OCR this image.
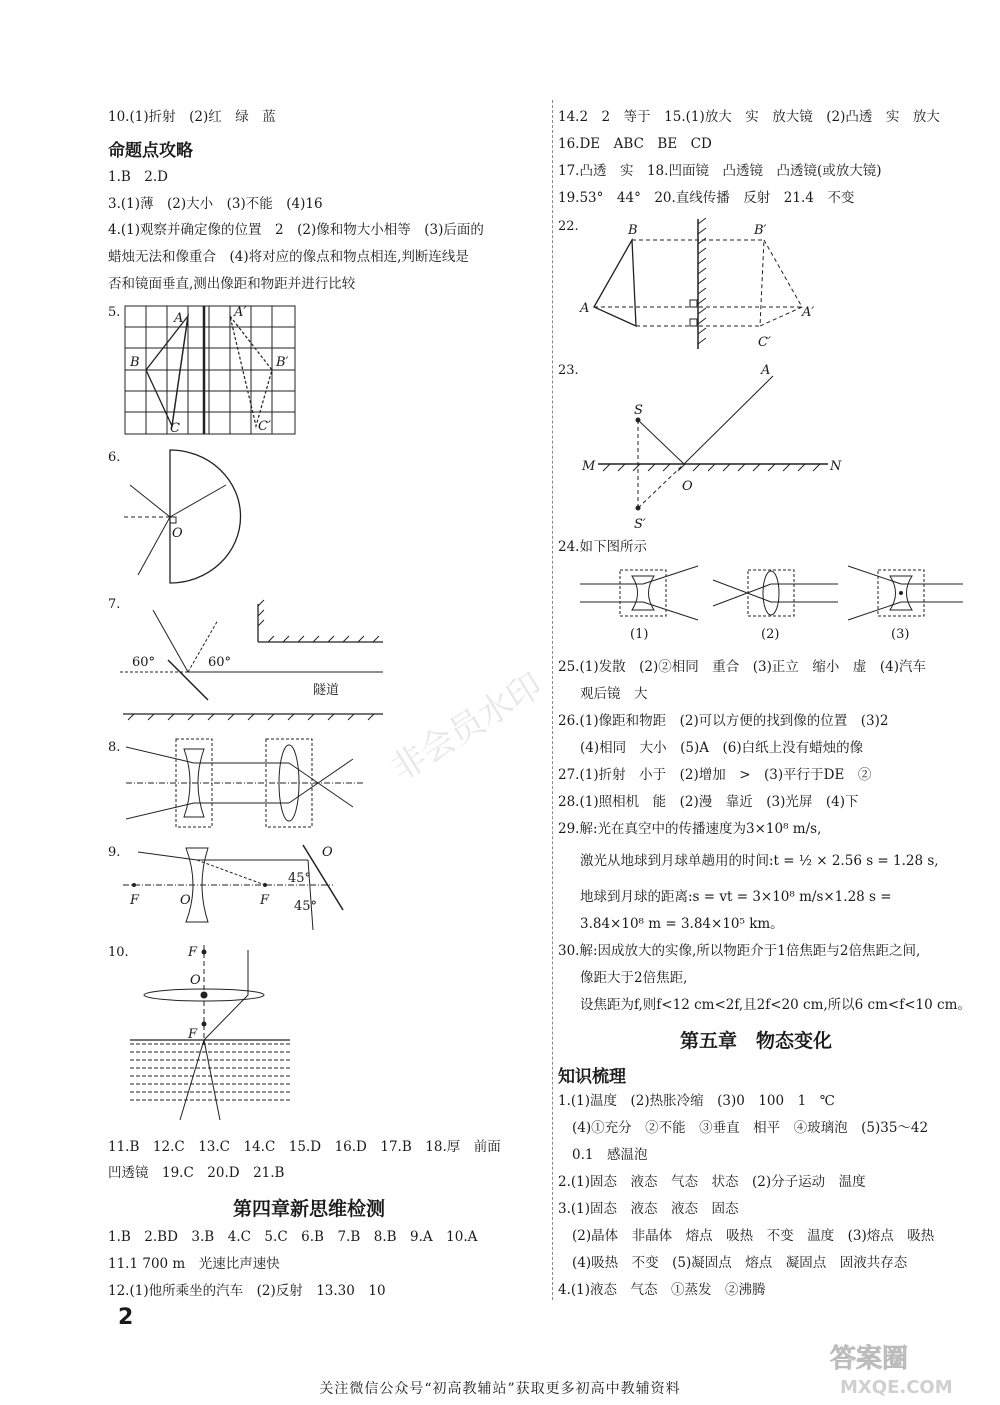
非会员水印
10.(1)折射　(2)红　绿　蓝
命题点攻略
1.B　2.D
3.(1)薄　(2)大小　(3)不能　(4)16
4.(1)观察并确定像的位置　2　(2)像和物大小相等　(3)后面的
蜡烛无法和像重合　(4)将对应的像点和物点相连,判断连线是
否和镜面垂直,测出像距和物距并进行比较
5.	A	A′
B	B′
C	C′
6.
O
7.
60°	60°
隧道
8.
9.	O
F	O	F
45°
45°
10.	F
O
F
11.B　12.C　13.C　14.C　15.D　16.D　17.B　18.厚　前面
凹透镜　19.C　20.D　21.B
第四章新思维检测
1.B　2.BD　3.B　4.C　5.C　6.B　7.B　8.B　9.A　10.A
11.1 700 m　光速比声速快
12.(1)他所乘坐的汽车　(2)反射　13.30　10
14.2　2　等于　15.(1)放大　实　放大镜　(2)凸透　实　放大
16.DE　ABC　BE　CD
17.凸透　实　18.凹面镜　凸透镜　凸透镜(或放大镜)
19.53°　44°　20.直线传播　反射　21.4　不变
22.	B	B′
A	A′
C′
23.	A
S
M	N
O
S′
24.如下图所示
(1)	(2)	(3)
25.(1)发散　(2)②相同　重合　(3)正立　缩小　虚　(4)汽车
观后镜　大
26.(1)像距和物距　(2)可以方便的找到像的位置　(3)2
(4)相同　大小　(5)A　(6)白纸上没有蜡烛的像
27.(1)折射　小于　(2)增加　>　(3)平行于DE　②
28.(1)照相机　能　(2)漫　靠近　(3)光屏　(4)下
29.解:光在真空中的传播速度为3×10⁸ m/s,
激光从地球到月球单趟用的时间:t = ½ × 2.56 s = 1.28 s,
地球到月球的距离:s = vt = 3×10⁸ m/s×1.28 s =
3.84×10⁸ m = 3.84×10⁵ km。
30.解:因成放大的实像,所以物距介于1倍焦距与2倍焦距之间,
像距大于2倍焦距,
设焦距为f,则f<12 cm<2f,且2f<20 cm,所以6 cm<f<10 cm。
第五章　物态变化
知识梳理
1.(1)温度　(2)热胀冷缩　(3)0　100　1　℃
(4)①充分　②不能　③垂直　相平　④玻璃泡　(5)35～42
0.1　感温泡
2.(1)固态　液态　气态　状态　(2)分子运动　温度
3.(1)固态　液态　液态　固态
(2)晶体　非晶体　熔点　吸热　不变　温度　(3)熔点　吸热
(4)吸热　不变　(5)凝固点　熔点　凝固点　固液共存态
4.(1)液态　气态　①蒸发　②沸腾
2
答案圈
MXQE.COM
关注微信公众号“初高教辅站”获取更多初高中教辅资料
